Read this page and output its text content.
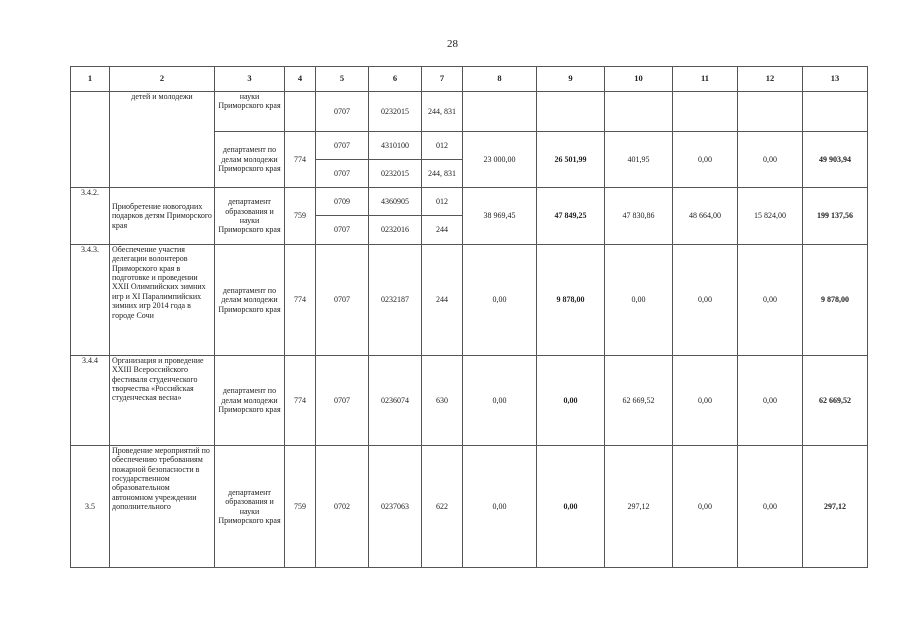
28
1	2	3	4	5	6	7	8	9	10	11	12	13
	детей и молодежи	науки Приморского края		0707	0232015	244, 831						
		департамент по делам молодежи Приморского края	774	0707	4310100	012	23 000,00	26 501,99	401,95	0,00	0,00	49 903,94
				0707	0232015	244, 831						
3.4.2.	Приобретение новогодних подарков детям Приморского края	департамент образования и науки Приморского края	759	0709	4360905	012	38 969,45	47 849,25	47 830,86	48 664,00	15 824,00	199 137,56
				0707	0232016	244						
3.4.3.	Обеспечение участия делегации волонтеров Приморского края в подготовке и проведении XXII Олимпийских зимних игр и XI Паралимпийских зимних игр 2014 года в городе Сочи	департамент по делам молодежи Приморского края	774	0707	0232187	244	0,00	9 878,00	0,00	0,00	0,00	9 878,00
3.4.4	Организация и проведение XXIII Всероссийского фестиваля студенческого творчества «Российская студенческая весна»	департамент по делам молодежи Приморского края	774	0707	0236074	630	0,00	0,00	62 669,52	0,00	0,00	62 669,52
3.5	Проведение мероприятий по обеспечению требованиям пожарной безопасности в государственном образовательном автономном учреждении дополнительного	департамент образования и науки Приморского края	759	0702	0237063	622	0,00	0,00	297,12	0,00	0,00	297,12
